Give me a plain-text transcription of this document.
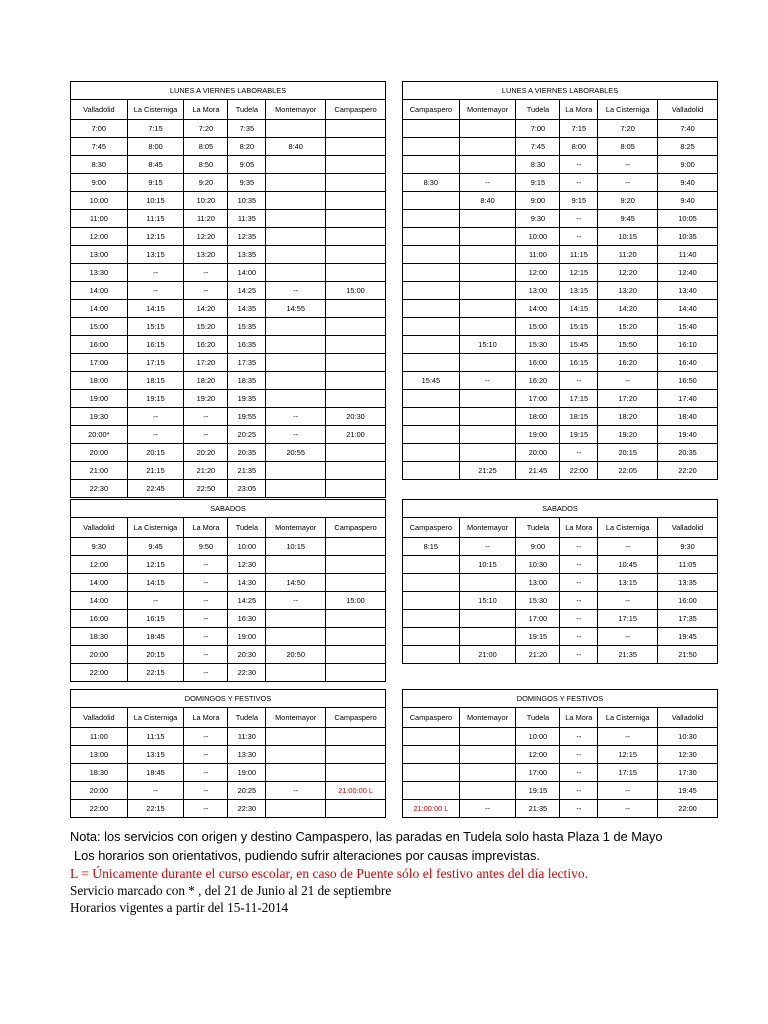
LUNES A VIERNES LABORABLES					
Valladolid	La Cisterniga	La Mora	Tudela	Montemayor	Campaspero
7:00	7:15	7:20	7:35		
7:45	8:00	8:05	8:20	8:40	
8:30	8:45	8:50	9:05		
9:00	9:15	9:20	9:35		
10:00	10:15	10:20	10:35		
11:00	11:15	11:20	11:35		
12:00	12:15	12:20	12:35		
13:00	13:15	13:20	13:35		
13:30	--	--	14:00		
14:00	--	--	14:25	--	15:00
14:00	14:15	14:20	14:35	14:55	
15:00	15:15	15:20	15:35		
16:00	16:15	16:20	16:35		
17:00	17:15	17:20	17:35		
18:00	18:15	18:20	18:35		
19:00	19:15	19:20	19:35		
19:30	--	--	19:55	--	20:30
20:00*	--	--	20:25	--	21:00
20:00	20:15	20:20	20:35	20:55	
21:00	21:15	21:20	21:35		
22:30	22:45	22:50	23:05		
LUNES A VIERNES LABORABLES					
Campaspero	Montemayor	Tudela	La Mora	La Cisterniga	Valladolid
		7:00	7:15	7:20	7:40
		7:45	8:00	8:05	8:25
		8:30	--	--	9:00
8:30	--	9:15	--	--	9:40
	8:40	9:00	9:15	9:20	9:40
		9:30	--	9:45	10:05
		10:00	--	10:15	10:35
		11:00	11:15	11:20	11:40
		12:00	12:15	12:20	12:40
		13:00	13:15	13:20	13:40
		14:00	14:15	14:20	14:40
		15:00	15:15	15:20	15:40
	15:10	15:30	15:45	15:50	16:10
		16:00	16:15	16:20	16:40
15:45	--	16:20	--	--	16:50
		17:00	17:15	17:20	17:40
		18:00	18:15	18:20	18:40
		19:00	19:15	19:20	19:40
		20:00	--	20:15	20:35
	21:25	21:45	22:00	22:05	22:20
SABADOS					
Valladolid	La Cisterniga	La Mora	Tudela	Montemayor	Campaspero
9:30	9:45	9:50	10:00	10:15	
12:00	12:15	--	12:30		
14:00	14:15	--	14:30	14:50	
14:00	--	--	14:25	--	15:00
16:00	16:15	--	16:30		
18:30	18:45	--	19:00		
20:00	20:15	--	20:30	20:50	
22:00	22:15	--	22:30		
SABADOS					
Campaspero	Montemayor	Tudela	La Mora	La Cisterniga	Valladolid
8:15	--	9:00	--	--	9:30
	10:15	10:30	--	10:45	11:05
		13:00	--	13:15	13:35
	15:10	15:30	--	--	16:00
		17:00	--	17:15	17:35
		19:15	--	--	19:45
	21:00	21:20	--	21:35	21:50
DOMINGOS Y FESTIVOS					
Valladolid	La Cisterniga	La Mora	Tudela	Montemayor	Campaspero
11:00	11:15	--	11:30		
13:00	13:15	--	13:30		
18:30	18:45	--	19:00		
20:00	--	--	20:25	--	21:00:00 L
22:00	22:15	--	22:30		
DOMINGOS Y FESTIVOS					
Campaspero	Montemayor	Tudela	La Mora	La Cisterniga	Valladolid
		10:00	--	--	10:30
		12:00	--	12:15	12:30
		17:00	--	17:15	17:30
		19:15	--	--	19:45
21:00:00 L	--	21:35	--	--	22:00
Nota: los servicios con origen y destino Campaspero, las paradas en Tudela solo hasta Plaza 1 de Mayo
Los horarios son orientativos, pudiendo sufrir alteraciones por causas imprevistas.
L = Únicamente durante el curso escolar, en caso de Puente sólo el festivo antes del día lectivo.
Servicio marcado con * , del 21 de Junio al 21 de septiembre
Horarios vigentes a partir del 15-11-2014
